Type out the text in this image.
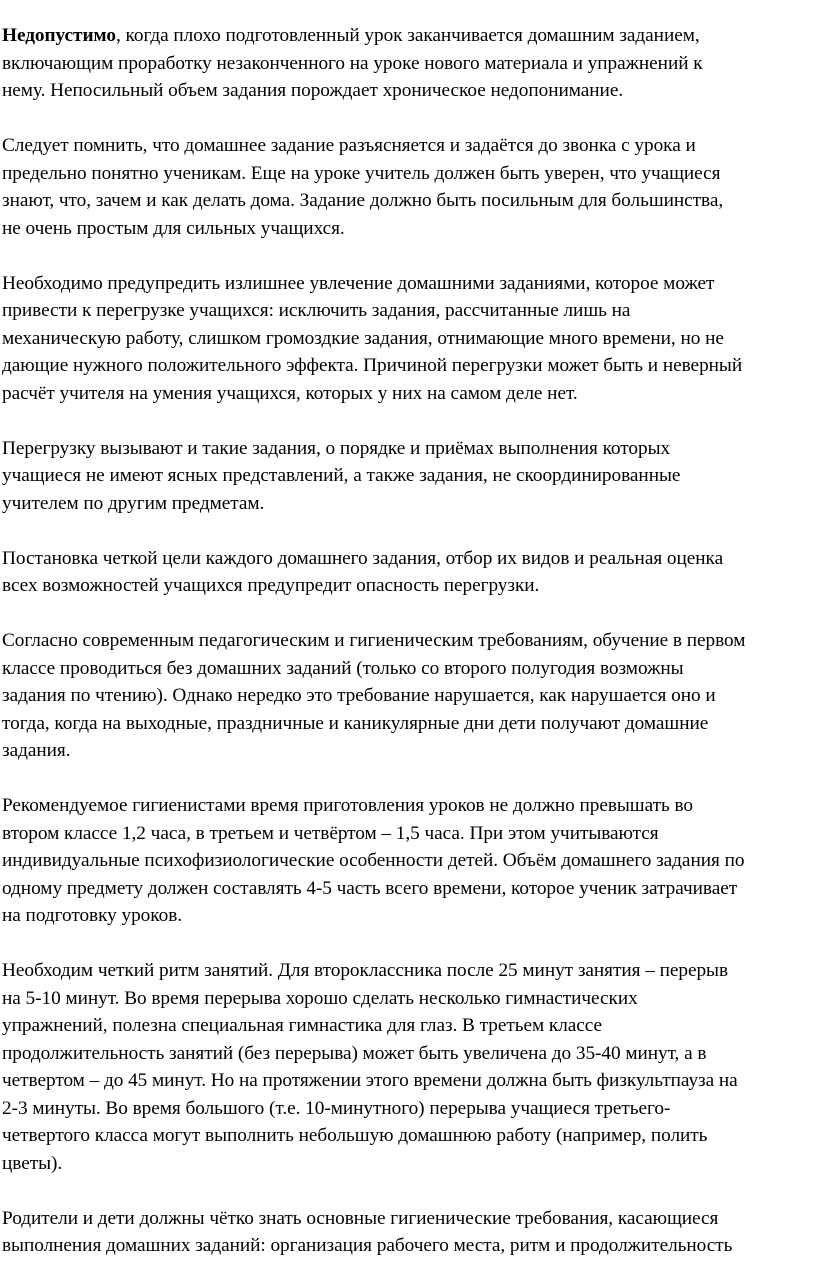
Недопустимо, когда плохо подготовленный урок заканчивается домашним заданием,
включающим проработку незаконченного на уроке нового материала и упражнений к
нему. Непосильный объем задания порождает хроническое недопонимание.

Следует помнить, что домашнее задание разъясняется и задаётся до звонка с урока и
предельно понятно ученикам. Еще на уроке учитель должен быть уверен, что учащиеся
знают, что, зачем и как делать дома. Задание должно быть посильным для большинства,
не очень простым для сильных учащихся.

Необходимо предупредить излишнее увлечение домашними заданиями, которое может
привести к перегрузке учащихся: исключить задания, рассчитанные лишь на
механическую работу, слишком громоздкие задания, отнимающие много времени, но не
дающие нужного положительного эффекта. Причиной перегрузки может быть и неверный
расчёт учителя на умения учащихся, которых у них на самом деле нет.

Перегрузку вызывают и такие задания, о порядке и приёмах выполнения которых
учащиеся не имеют ясных представлений, а также задания, не скоординированные
учителем по другим предметам.

Постановка четкой цели каждого домашнего задания, отбор их видов и реальная оценка
всех возможностей учащихся предупредит опасность перегрузки.

Согласно современным педагогическим и гигиеническим требованиям, обучение в первом
классе проводиться без домашних заданий (только со второго полугодия возможны
задания по чтению). Однако нередко это требование нарушается, как нарушается оно и
тогда, когда на выходные, праздничные и каникулярные дни дети получают домашние
задания.

Рекомендуемое гигиенистами время приготовления уроков не должно превышать во
втором классе 1,2 часа, в третьем и четвёртом – 1,5 часа. При этом учитываются
индивидуальные психофизиологические особенности детей. Объём домашнего задания по
одному предмету должен составлять 4-5 часть всего времени, которое ученик затрачивает
на подготовку уроков.

Необходим четкий ритм занятий. Для второклассника после 25 минут занятия – перерыв
на 5-10 минут. Во время перерыва хорошо сделать несколько гимнастических
упражнений, полезна специальная гимнастика для глаз. В третьем классе
продолжительность занятий (без перерыва) может быть увеличена до 35-40 минут, а в
четвертом – до 45 минут. Но на протяжении этого времени должна быть физкультпауза на
2-3 минуты. Во время большого (т.е. 10-минутного) перерыва учащиеся третьего-
четвертого класса могут выполнить небольшую домашнюю работу (например, полить
цветы).

Родители и дети должны чётко знать основные гигиенические требования, касающиеся
выполнения домашних заданий: организация рабочего места, ритм и продолжительность
